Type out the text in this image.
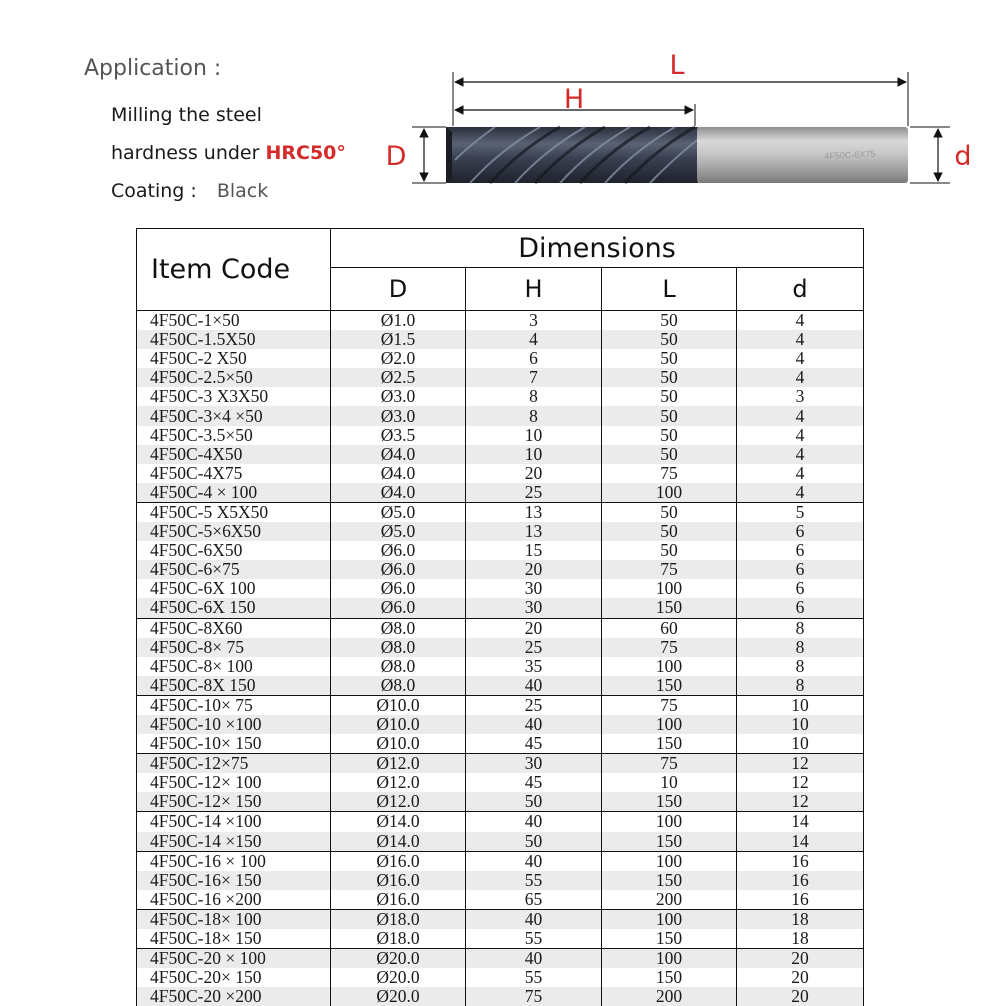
Application :
Milling the steel
hardness under HRC50°
Coating : Black
L
H
4F50C-6X75
D	d
Item Code	Dimensions			
	D	H	L	d
4F50C-1×50	Ø1.0	3	50	4
4F50C-1.5X50	Ø1.5	4	50	4
4F50C-2 X50	Ø2.0	6	50	4
4F50C-2.5×50	Ø2.5	7	50	4
4F50C-3 X3X50	Ø3.0	8	50	3
4F50C-3×4 ×50	Ø3.0	8	50	4
4F50C-3.5×50	Ø3.5	10	50	4
4F50C-4X50	Ø4.0	10	50	4
4F50C-4X75	Ø4.0	20	75	4
4F50C-4 × 100	Ø4.0	25	100	4
4F50C-5 X5X50	Ø5.0	13	50	5
4F50C-5×6X50	Ø5.0	13	50	6
4F50C-6X50	Ø6.0	15	50	6
4F50C-6×75	Ø6.0	20	75	6
4F50C-6X 100	Ø6.0	30	100	6
4F50C-6X 150	Ø6.0	30	150	6
4F50C-8X60	Ø8.0	20	60	8
4F50C-8× 75	Ø8.0	25	75	8
4F50C-8× 100	Ø8.0	35	100	8
4F50C-8X 150	Ø8.0	40	150	8
4F50C-10× 75	Ø10.0	25	75	10
4F50C-10 ×100	Ø10.0	40	100	10
4F50C-10× 150	Ø10.0	45	150	10
4F50C-12×75	Ø12.0	30	75	12
4F50C-12× 100	Ø12.0	45	10	12
4F50C-12× 150	Ø12.0	50	150	12
4F50C-14 ×100	Ø14.0	40	100	14
4F50C-14 ×150	Ø14.0	50	150	14
4F50C-16 × 100	Ø16.0	40	100	16
4F50C-16× 150	Ø16.0	55	150	16
4F50C-16 ×200	Ø16.0	65	200	16
4F50C-18× 100	Ø18.0	40	100	18
4F50C-18× 150	Ø18.0	55	150	18
4F50C-20 × 100	Ø20.0	40	100	20
4F50C-20× 150	Ø20.0	55	150	20
4F50C-20 ×200	Ø20.0	75	200	20
